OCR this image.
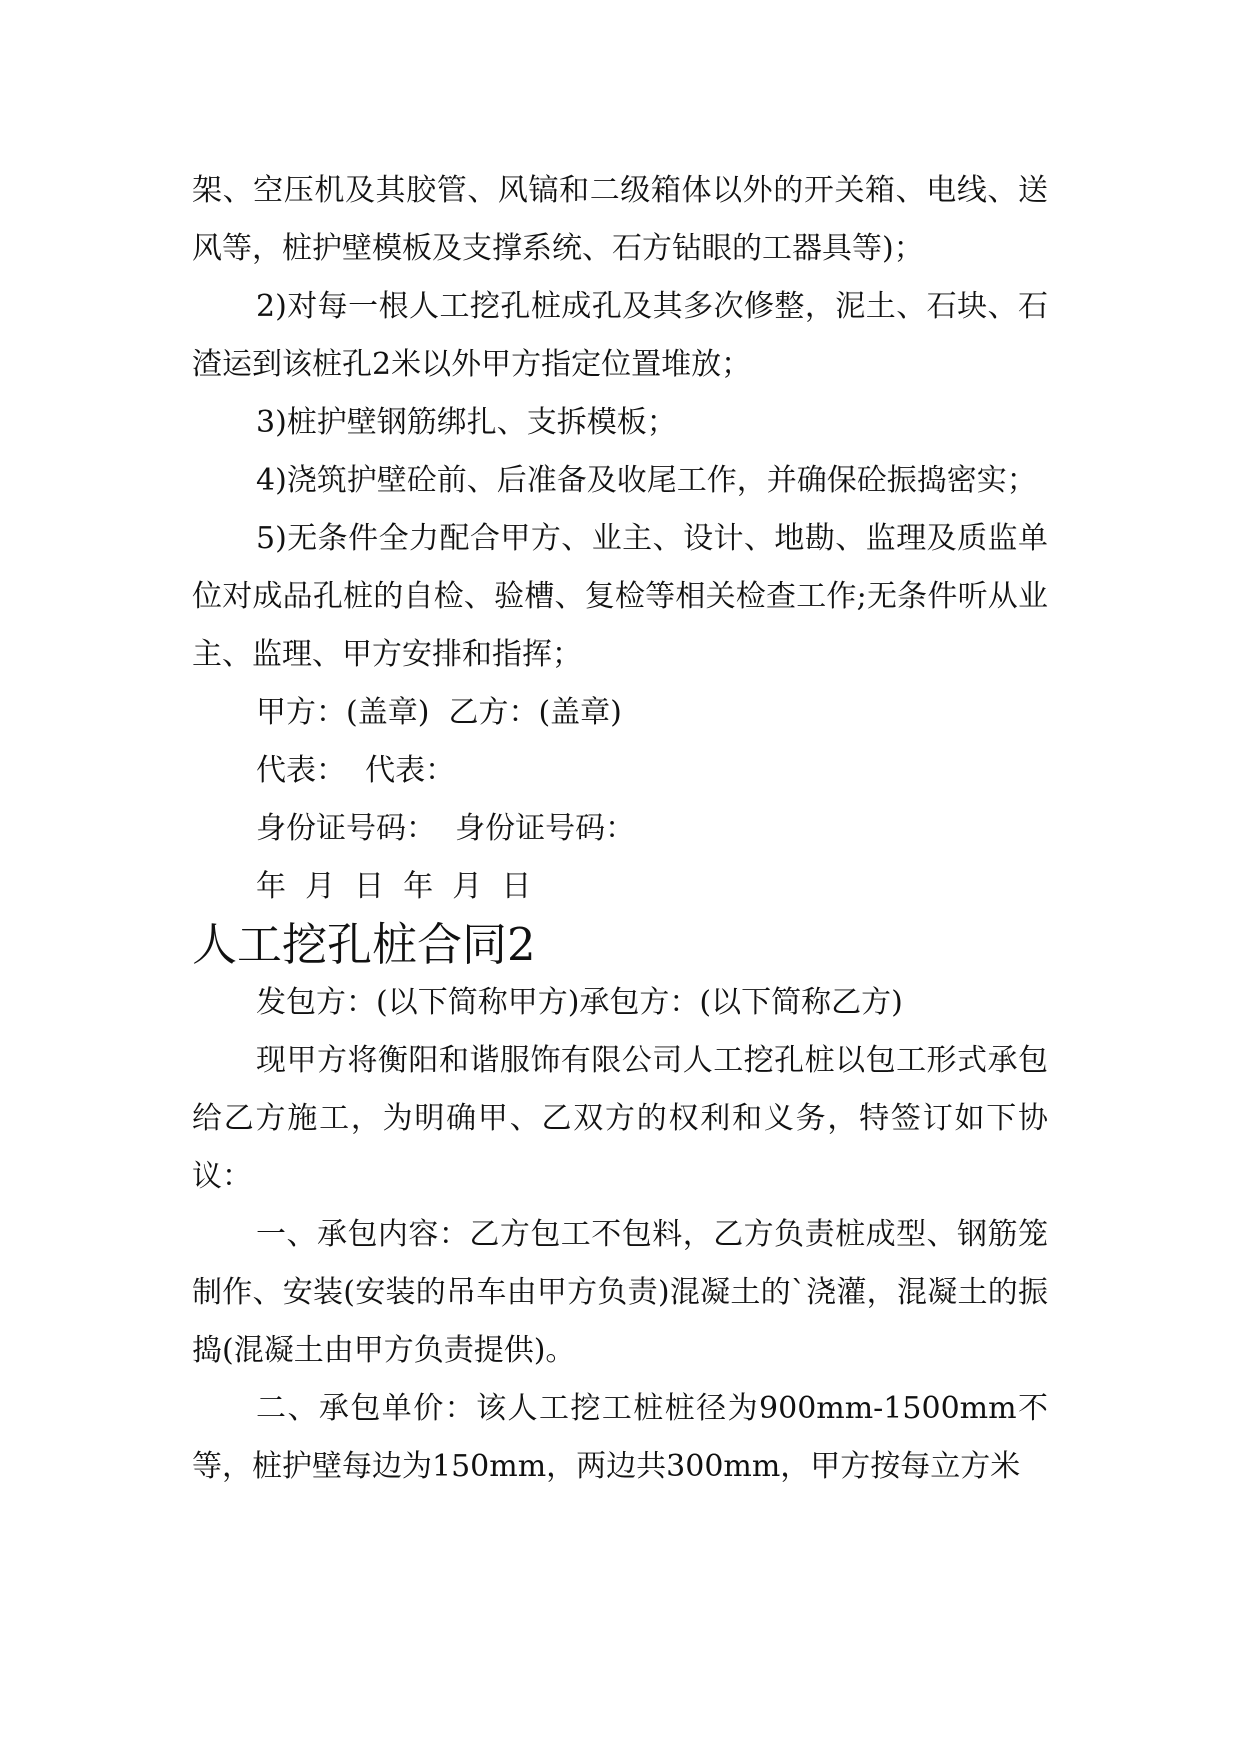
架、空压机及其胶管、风镐和二级箱体以外的开关箱、电线、送风等，桩护壁模板及支撑系统、石方钻眼的工器具等)；

2)对每一根人工挖孔桩成孔及其多次修整，泥土、石块、石渣运到该桩孔2米以外甲方指定位置堆放；

3)桩护壁钢筋绑扎、支拆模板；

4)浇筑护壁砼前、后准备及收尾工作，并确保砼振捣密实；

5)无条件全力配合甲方、业主、设计、地勘、监理及质监单位对成品孔桩的自检、验槽、复检等相关检查工作;无条件听从业主、监理、甲方安排和指挥；

甲方：(盖章)  乙方：(盖章)
代表：  代表：
身份证号码：  身份证号码：
年  月  日  年  月  日
人工挖孔桩合同2

发包方：(以下简称甲方)承包方：(以下简称乙方)

现甲方将衡阳和谐服饰有限公司人工挖孔桩以包工形式承包给乙方施工，为明确甲、乙双方的权利和义务，特签订如下协议：

一、承包内容：乙方包工不包料，乙方负责桩成型、钢筋笼制作、安装(安装的吊车由甲方负责)混凝土的`浇灌，混凝土的振捣(混凝土由甲方负责提供)。

二、承包单价：该人工挖工桩桩径为900mm-1500mm不等，桩护壁每边为150mm，两边共300mm，甲方按每立方米
